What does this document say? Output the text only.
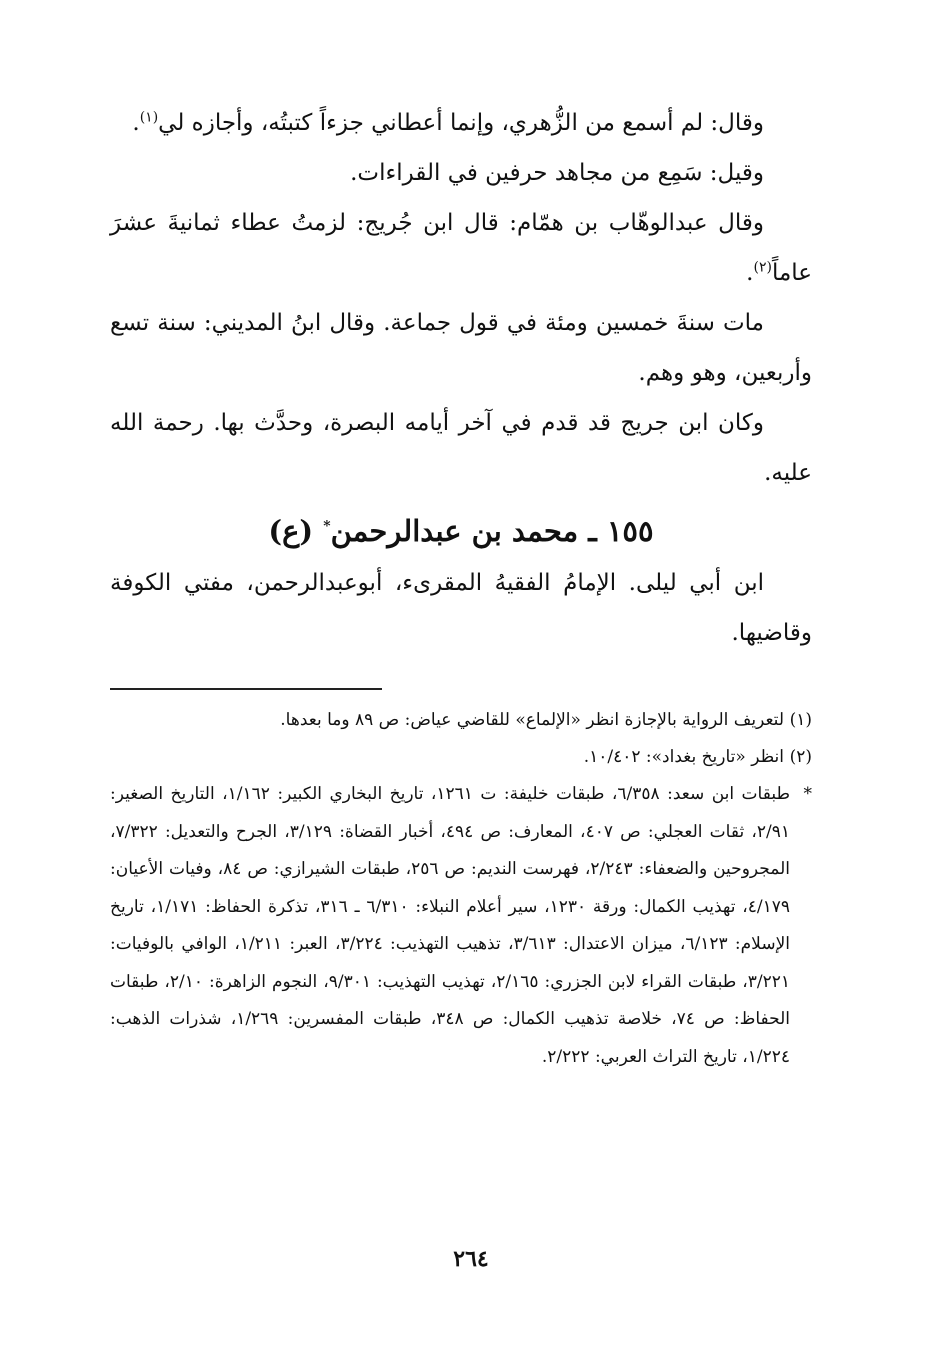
وقال: لم أسمع من الزُّهري، وإنما أعطاني جزءاً كتبتُه، وأجازه لي$^{(١)}$.

وقيل: سَمِع من مجاهد حرفين في القراءات.

وقال عبدالوهّاب بن همّام: قال ابن جُريج: لزمتُ عطاء ثمانيةَ عشرَ عاماً$^{(٢)}$.

مات سنةَ خمسين ومئة في قول جماعة. وقال ابنُ المديني: سنة تسع وأربعين، وهو وهم.

وكان ابن جريج قد قدم في آخر أيامه البصرة، وحدَّث بها. رحمة الله عليه.

١٥٥ ـ محمد بن عبدالرحمن* (ع)

ابن أبي ليلى. الإمامُ الفقيهُ المقرىء، أبوعبدالرحمن، مفتي الكوفة وقاضيها.

(١)
لتعريف الرواية بالإجازة انظر «الإلماع» للقاضي عياض: ص ٨٩ وما بعدها.

(٢)
انظر «تاريخ بغداد»: ١٠/٤٠٢.

*
طبقات ابن سعد: ٦/٣٥٨، طبقات خليفة: ت ١٢٦١، تاريخ البخاري الكبير: ١/١٦٢، التاريخ الصغير: ٢/٩١، ثقات العجلي: ص ٤٠٧، المعارف: ص ٤٩٤، أخبار القضاة: ٣/١٢٩، الجرح والتعديل: ٧/٣٢٢، المجروحين والضعفاء: ٢/٢٤٣، فهرست النديم: ص ٢٥٦، طبقات الشيرازي: ص ٨٤، وفيات الأعيان: ٤/١٧٩، تهذيب الكمال: ورقة ١٢٣٠، سير أعلام النبلاء: ٦/٣١٠ ـ ٣١٦، تذكرة الحفاظ: ١/١٧١، تاريخ الإسلام: ٦/١٢٣، ميزان الاعتدال: ٣/٦١٣، تذهيب التهذيب: ٣/٢٢٤، العبر: ١/٢١١، الوافي بالوفيات: ٣/٢٢١، طبقات القراء لابن الجزري: ٢/١٦٥، تهذيب التهذيب: ٩/٣٠١، النجوم الزاهرة: ٢/١٠، طبقات الحفاظ: ص ٧٤، خلاصة تذهيب الكمال: ص ٣٤٨، طبقات المفسرين: ١/٢٦٩، شذرات الذهب: ١/٢٢٤، تاريخ التراث العربي: ٢/٢٢٢.

٢٦٤
